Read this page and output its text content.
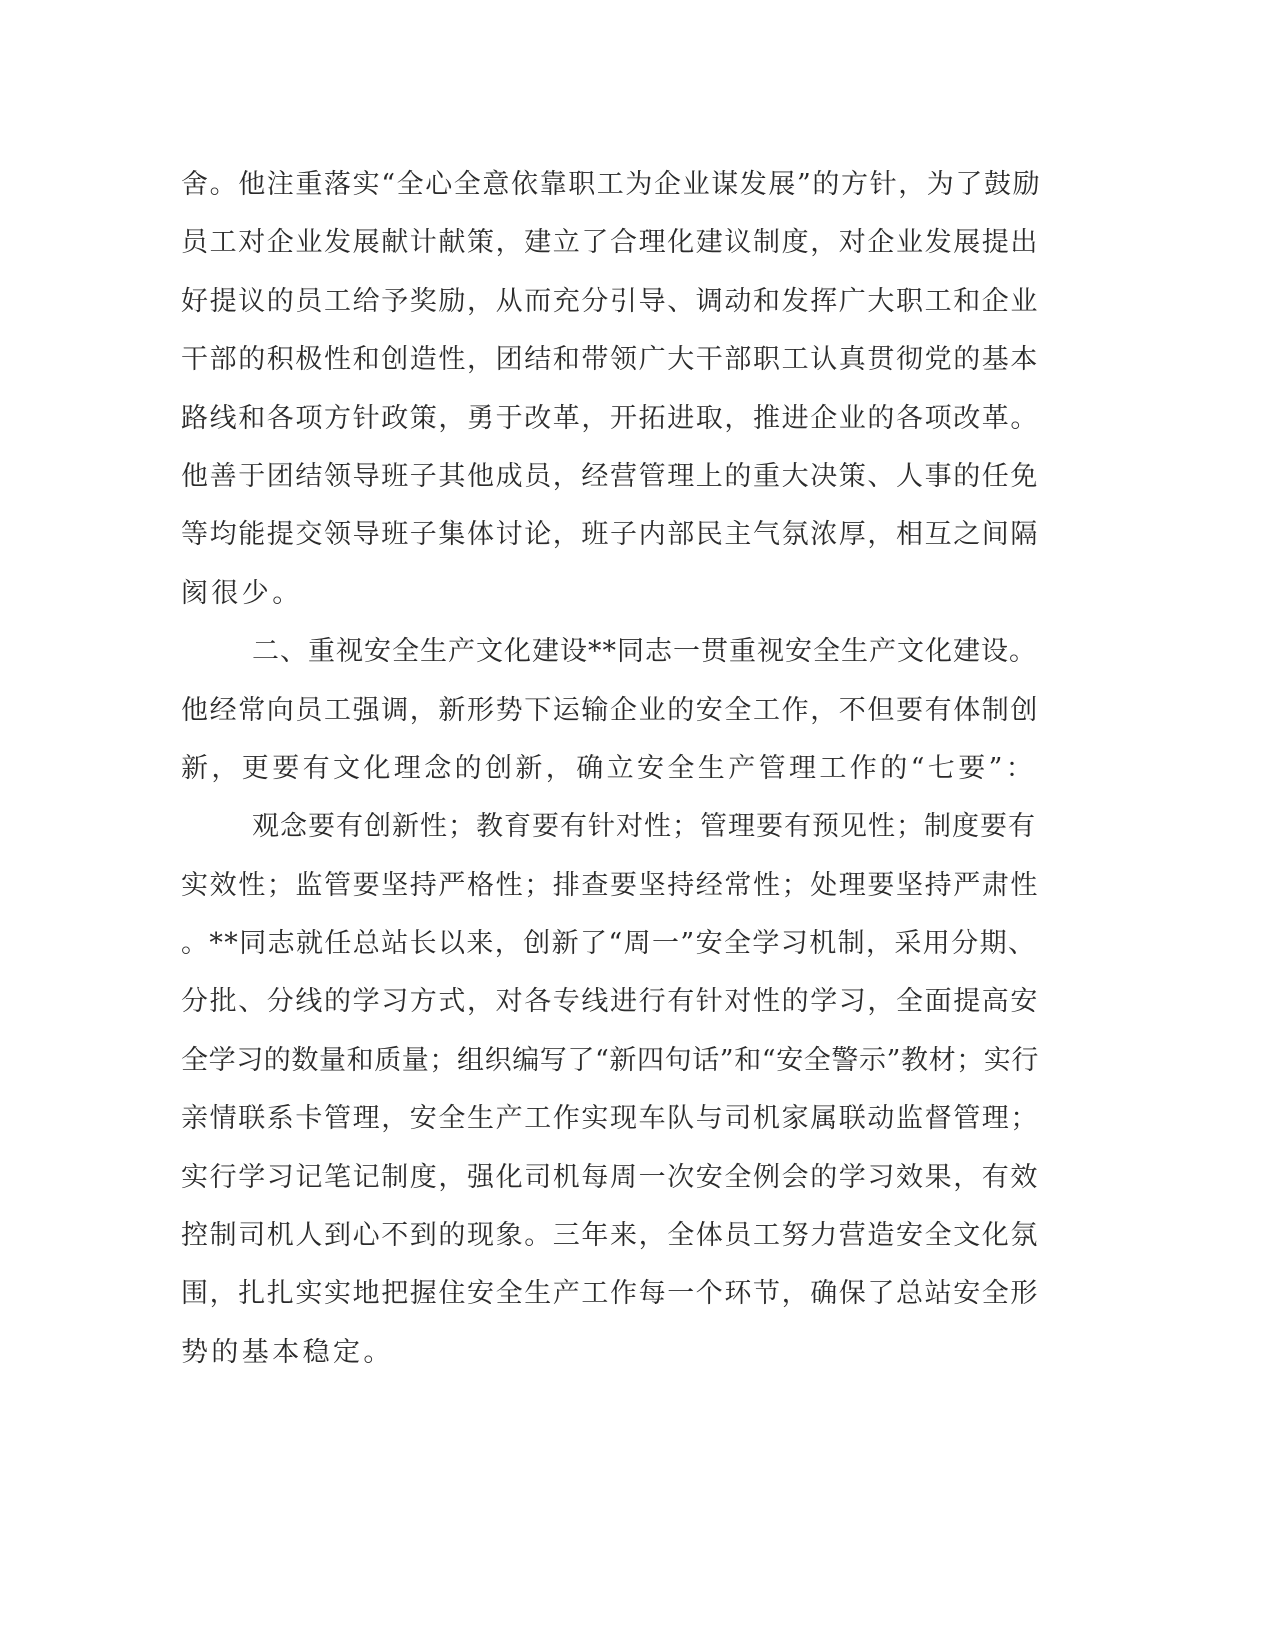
舍。他注重落实“全心全意依靠职工为企业谋发展”的方针，为了鼓励
员工对企业发展献计献策，建立了合理化建议制度，对企业发展提出
好提议的员工给予奖励，从而充分引导、调动和发挥广大职工和企业
干部的积极性和创造性，团结和带领广大干部职工认真贯彻党的基本
路线和各项方针政策，勇于改革，开拓进取，推进企业的各项改革。
他善于团结领导班子其他成员，经营管理上的重大决策、人事的任免
等均能提交领导班子集体讨论，班子内部民主气氛浓厚，相互之间隔
阂很少。
二、重视安全生产文化建设**同志一贯重视安全生产文化建设。
他经常向员工强调，新形势下运输企业的安全工作，不但要有体制创
新，更要有文化理念的创新，确立安全生产管理工作的“七要”：
观念要有创新性；教育要有针对性；管理要有预见性；制度要有
实效性；监管要坚持严格性；排查要坚持经常性；处理要坚持严肃性
。**同志就任总站长以来，创新了“周一”安全学习机制，采用分期、
分批、分线的学习方式，对各专线进行有针对性的学习，全面提高安
全学习的数量和质量；组织编写了“新四句话”和“安全警示”教材；实行
亲情联系卡管理，安全生产工作实现车队与司机家属联动监督管理；
实行学习记笔记制度，强化司机每周一次安全例会的学习效果，有效
控制司机人到心不到的现象。三年来，全体员工努力营造安全文化氛
围，扎扎实实地把握住安全生产工作每一个环节，确保了总站安全形
势的基本稳定。
